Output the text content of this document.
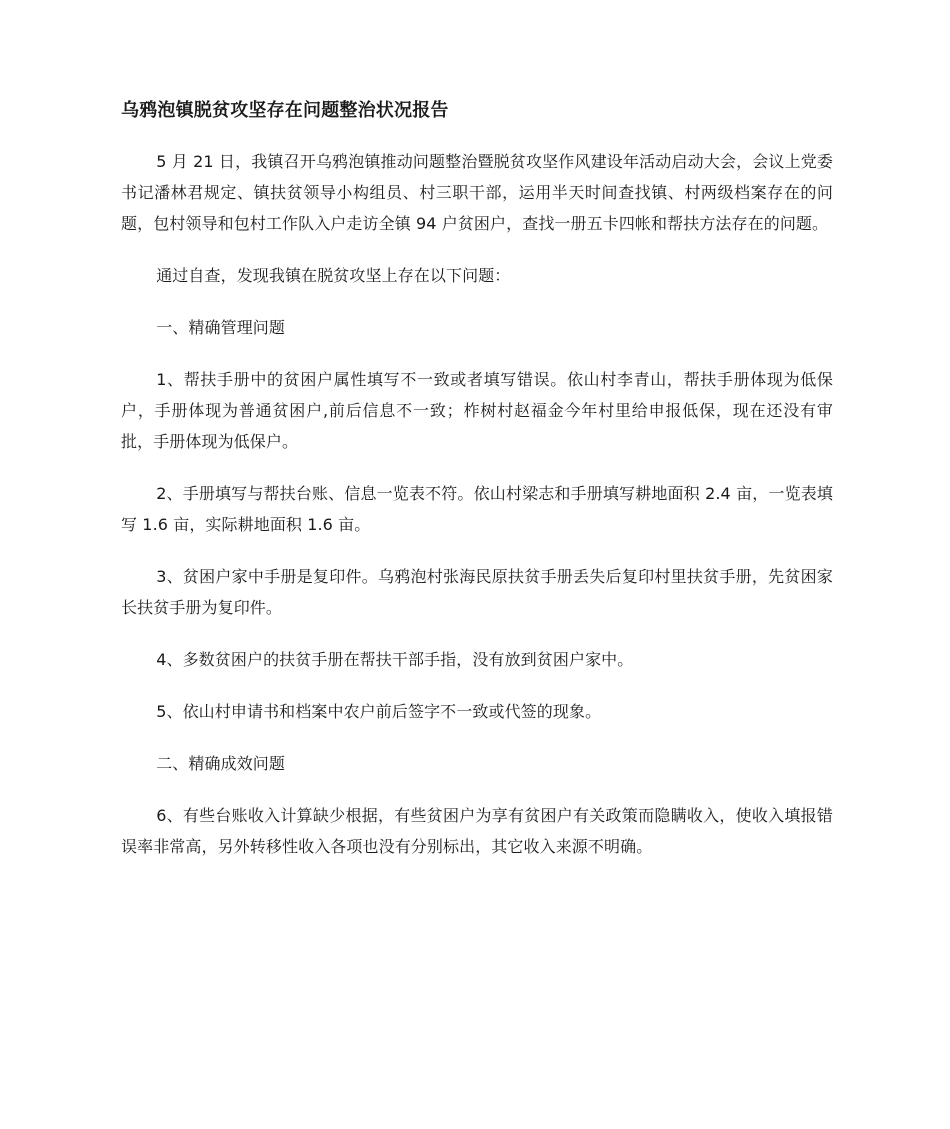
乌鸦泡镇脱贫攻坚存在问题整治状况报告

5 月 21 日，我镇召开乌鸦泡镇推动问题整治暨脱贫攻坚作风建设年活动启动大会，会议上党委书记潘林君规定、镇扶贫领导小构组员、村三职干部，运用半天时间查找镇、村两级档案存在的问题，包村领导和包村工作队入户走访全镇 94 户贫困户，查找一册五卡四帐和帮扶方法存在的问题。

通过自查，发现我镇在脱贫攻坚上存在以下问题：

一、精确管理问题

1、帮扶手册中的贫困户属性填写不一致或者填写错误。依山村李青山，帮扶手册体现为低保户，手册体现为普通贫困户,前后信息不一致；柞树村赵福金今年村里给申报低保，现在还没有审批，手册体现为低保户。

2、手册填写与帮扶台账、信息一览表不符。依山村梁志和手册填写耕地面积 2.4 亩，一览表填写 1.6 亩，实际耕地面积 1.6 亩。

3、贫困户家中手册是复印件。乌鸦泡村张海民原扶贫手册丢失后复印村里扶贫手册，先贫困家长扶贫手册为复印件。

4、多数贫困户的扶贫手册在帮扶干部手指，没有放到贫困户家中。

5、依山村申请书和档案中农户前后签字不一致或代签的现象。

二、精确成效问题

6、有些台账收入计算缺少根据，有些贫困户为享有贫困户有关政策而隐瞒收入，使收入填报错误率非常高，另外转移性收入各项也没有分别标出，其它收入来源不明确。
